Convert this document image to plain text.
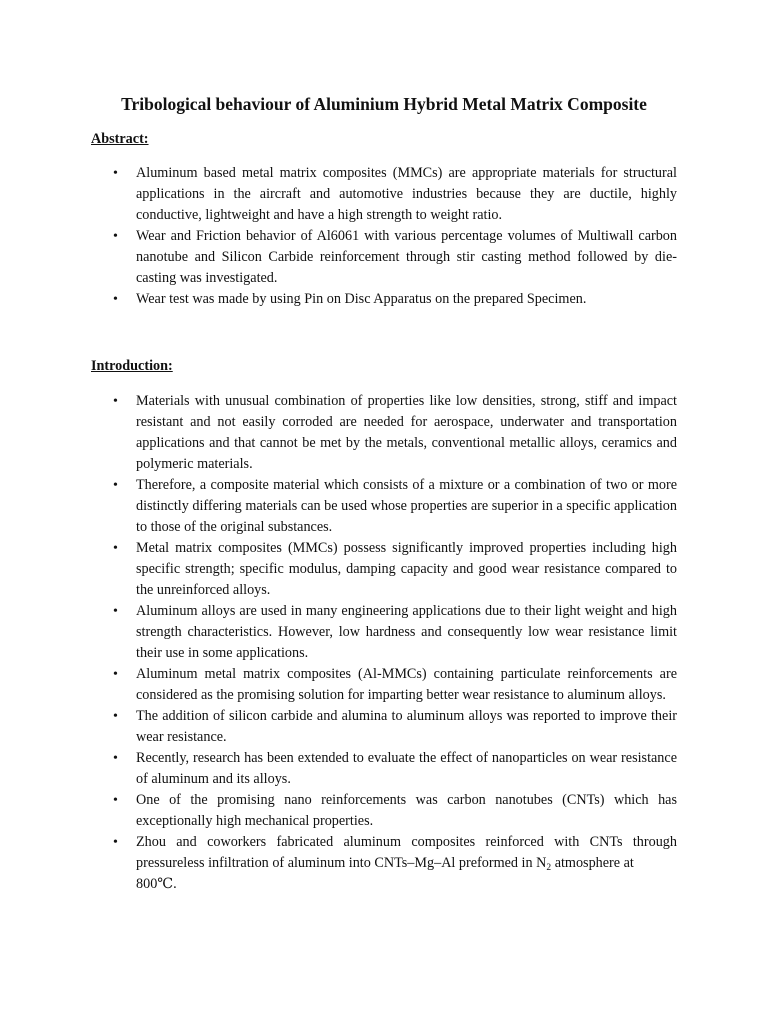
Tribological behaviour of Aluminium Hybrid Metal Matrix Composite
Abstract:
• Aluminum based metal matrix composites (MMCs) are appropriate materials for structural applications in the aircraft and automotive industries because they are ductile, highly conductive, lightweight and have a high strength to weight ratio.
• Wear and Friction behavior of Al6061 with various percentage volumes of Multiwall carbon nanotube and Silicon Carbide reinforcement through stir casting method followed by die-casting was investigated.
• Wear test was made by using Pin on Disc Apparatus on the prepared Specimen.
Introduction:
• Materials with unusual combination of properties like low densities, strong, stiff and impact resistant and not easily corroded are needed for aerospace, underwater and transportation applications and that cannot be met by the metals, conventional metallic alloys, ceramics and polymeric materials.
• Therefore, a composite material which consists of a mixture or a combination of two or more distinctly differing materials can be used whose properties are superior in a specific application to those of the original substances.
• Metal matrix composites (MMCs) possess significantly improved properties including high specific strength; specific modulus, damping capacity and good wear resistance compared to the unreinforced alloys.
• Aluminum alloys are used in many engineering applications due to their light weight and high strength characteristics. However, low hardness and consequently low wear resistance limit their use in some applications.
• Aluminum metal matrix composites (Al-MMCs) containing particulate reinforcements are considered as the promising solution for imparting better wear resistance to aluminum alloys.
• The addition of silicon carbide and alumina to aluminum alloys was reported to improve their wear resistance.
• Recently, research has been extended to evaluate the effect of nanoparticles on wear resistance of aluminum and its alloys.
• One of the promising nano reinforcements was carbon nanotubes (CNTs) which has exceptionally high mechanical properties.
• Zhou and coworkers fabricated aluminum composites reinforced with CNTs through pressureless infiltration of aluminum into CNTs–Mg–Al preformed in $N_2$ atmosphere at
800℃.
